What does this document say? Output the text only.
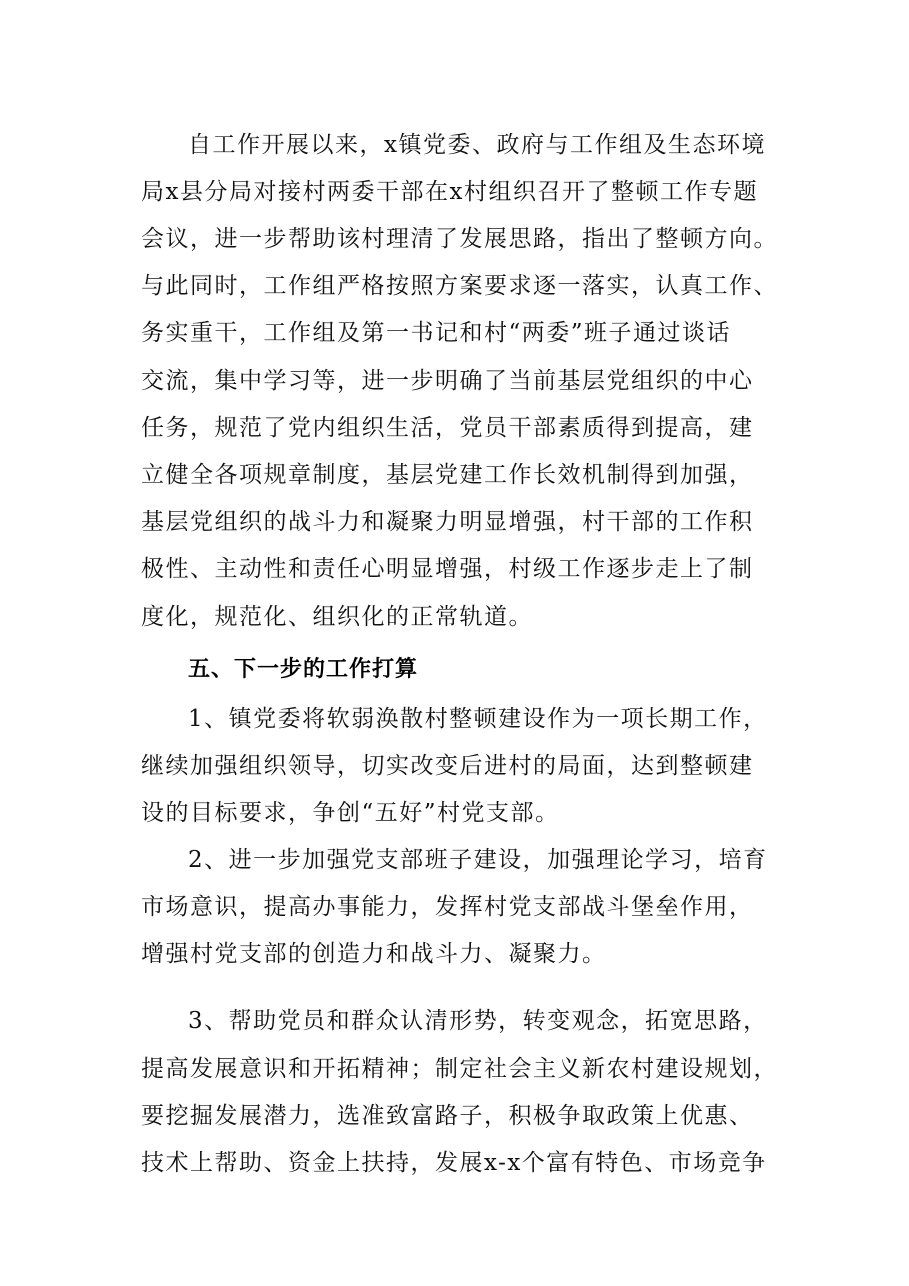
自工作开展以来，x镇党委、政府与工作组及生态环境
局x县分局对接村两委干部在x村组织召开了整顿工作专题
会议，进一步帮助该村理清了发展思路，指出了整顿方向。
与此同时，工作组严格按照方案要求逐一落实，认真工作、
务实重干，工作组及第一书记和村“两委”班子通过谈话
交流，集中学习等，进一步明确了当前基层党组织的中心
任务，规范了党内组织生活，党员干部素质得到提高，建
立健全各项规章制度，基层党建工作长效机制得到加强，
基层党组织的战斗力和凝聚力明显增强，村干部的工作积
极性、主动性和责任心明显增强，村级工作逐步走上了制
度化，规范化、组织化的正常轨道。
五、下一步的工作打算
1、镇党委将软弱涣散村整顿建设作为一项长期工作，
继续加强组织领导，切实改变后进村的局面，达到整顿建
设的目标要求，争创“五好”村党支部。
2、进一步加强党支部班子建设，加强理论学习，培育
市场意识，提高办事能力，发挥村党支部战斗堡垒作用，
增强村党支部的创造力和战斗力、凝聚力。
3、帮助党员和群众认清形势，转变观念，拓宽思路，
提高发展意识和开拓精神；制定社会主义新农村建设规划，
要挖掘发展潜力，选准致富路子，积极争取政策上优惠、
技术上帮助、资金上扶持，发展x-x个富有特色、市场竞争
